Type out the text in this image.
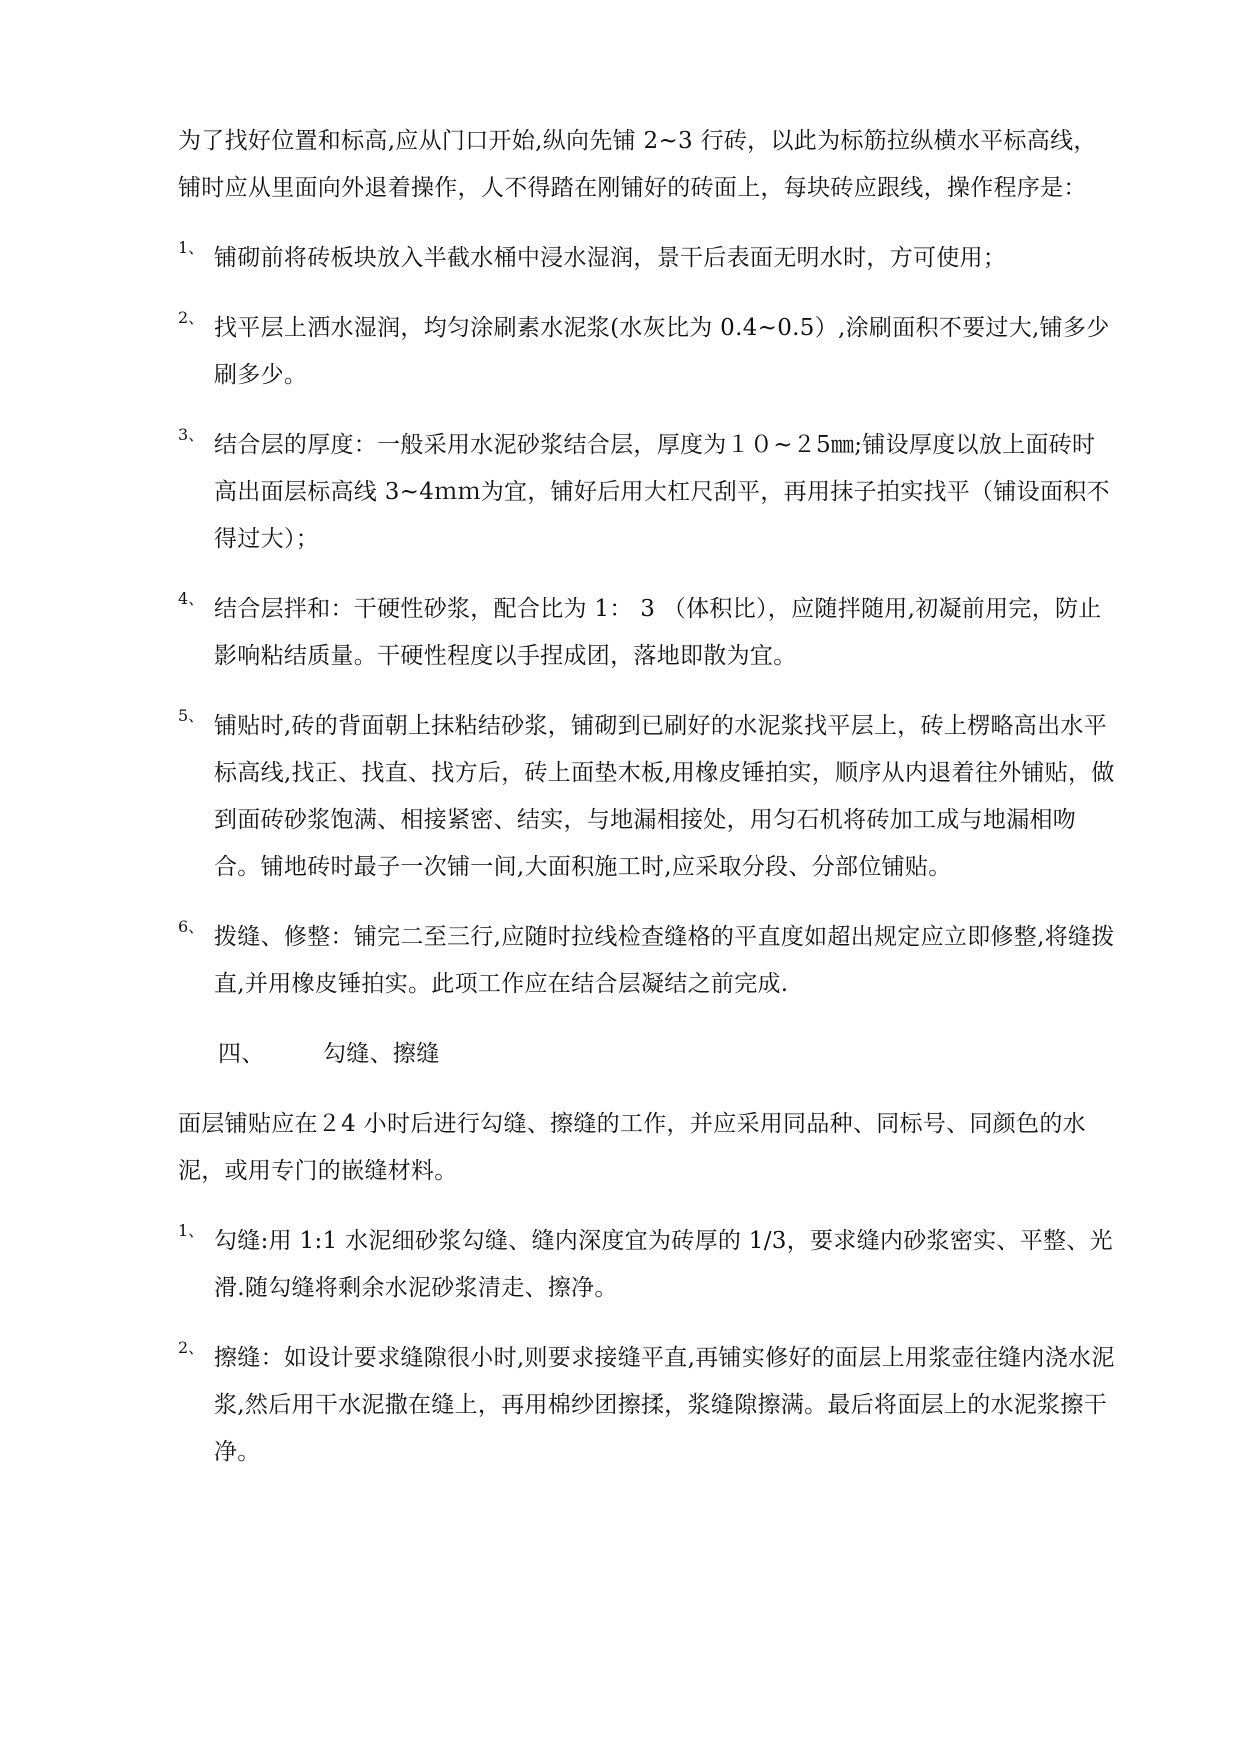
为了找好位置和标高,应从门口开始,纵向先铺 2~3 行砖，以此为标筋拉纵横水平标高线，铺时应从里面向外退着操作，人不得踏在刚铺好的砖面上，每块砖应跟线，操作程序是：

1、 铺砌前将砖板块放入半截水桶中浸水湿润，景干后表面无明水时，方可使用；

2、 找平层上洒水湿润，均匀涂刷素水泥浆(水灰比为 0.4~0.5）,涂刷面积不要过大,铺多少刷多少。

3、 结合层的厚度：一般采用水泥砂浆结合层，厚度为１０~２5㎜;铺设厚度以放上面砖时高出面层标高线 3~4ｍｍ为宜，铺好后用大杠尺刮平，再用抹子拍实找平（铺设面积不得过大）；

4、 结合层拌和：干硬性砂浆，配合比为 1： 3 （体积比），应随拌随用,初凝前用完，防止影响粘结质量。干硬性程度以手捏成团，落地即散为宜。

5、 铺贴时,砖的背面朝上抹粘结砂浆，铺砌到已刷好的水泥浆找平层上，砖上楞略高出水平标高线,找正、找直、找方后，砖上面垫木板,用橡皮锤拍实，顺序从内退着往外铺贴，做到面砖砂浆饱满、相接紧密、结实，与地漏相接处，用匀石机将砖加工成与地漏相吻合。铺地砖时最子一次铺一间,大面积施工时,应采取分段、分部位铺贴。

6、 拨缝、修整：铺完二至三行,应随时拉线检查缝格的平直度如超出规定应立即修整,将缝拨直,并用橡皮锤拍实。此项工作应在结合层凝结之前完成.

四、	勾缝、擦缝

面层铺贴应在２4 小时后进行勾缝、擦缝的工作，并应采用同品种、同标号、同颜色的水泥，或用专门的嵌缝材料。

1、 勾缝:用 1:1 水泥细砂浆勾缝、缝内深度宜为砖厚的 1/3，要求缝内砂浆密实、平整、光滑.随勾缝将剩余水泥砂浆清走、擦净。

2、 擦缝：如设计要求缝隙很小时,则要求接缝平直,再铺实修好的面层上用浆壶往缝内浇水泥浆,然后用干水泥撒在缝上，再用棉纱团擦揉，浆缝隙擦满。最后将面层上的水泥浆擦干净。
